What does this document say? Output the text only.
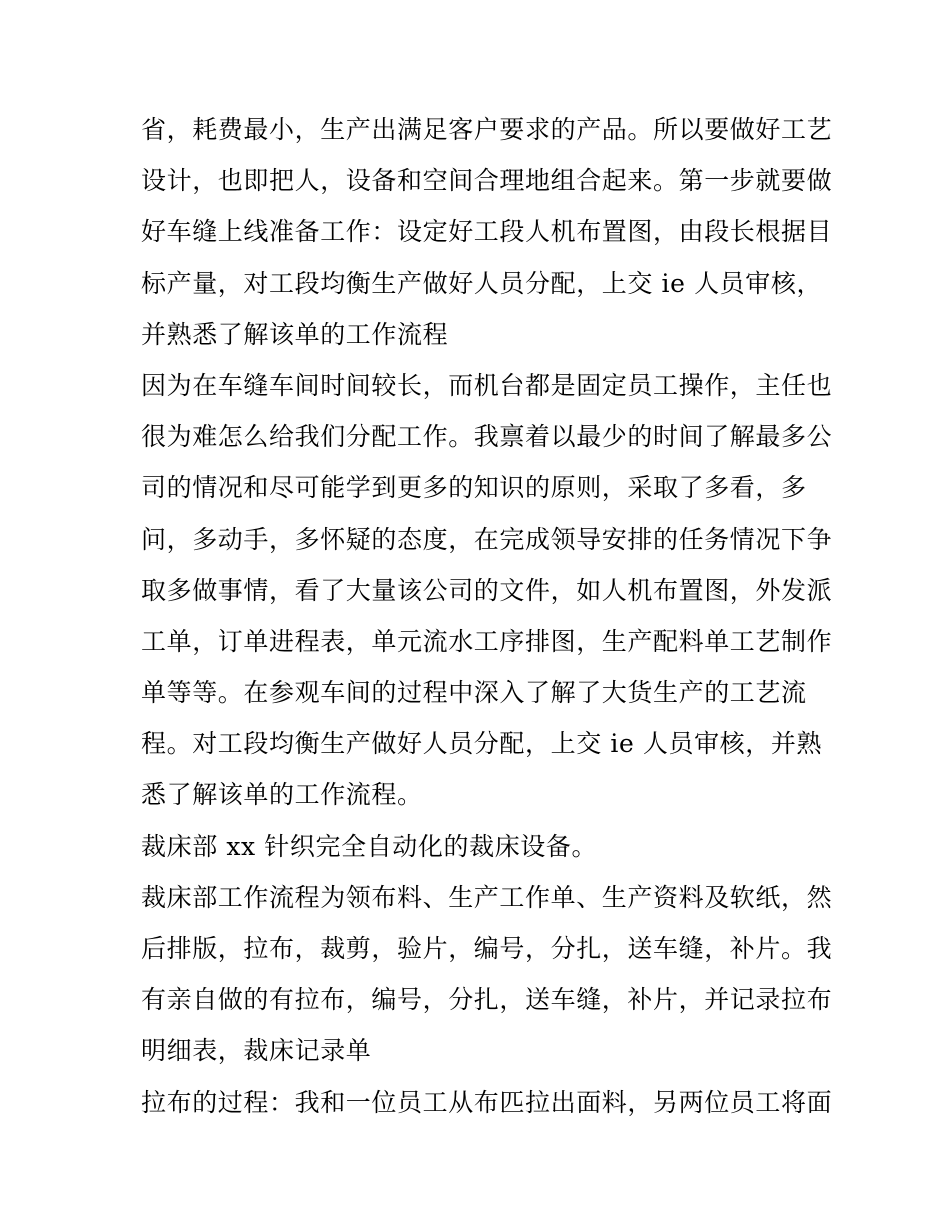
省，耗费最小，生产出满足客户要求的产品。所以要做好工艺
设计，也即把人，设备和空间合理地组合起来。第一步就要做
好车缝上线准备工作：设定好工段人机布置图，由段长根据目
标产量，对工段均衡生产做好人员分配，上交 ie 人员审核，
并熟悉了解该单的工作流程
因为在车缝车间时间较长，而机台都是固定员工操作，主任也
很为难怎么给我们分配工作。我禀着以最少的时间了解最多公
司的情况和尽可能学到更多的知识的原则，采取了多看，多
问，多动手，多怀疑的态度，在完成领导安排的任务情况下争
取多做事情，看了大量该公司的文件，如人机布置图，外发派
工单，订单进程表，单元流水工序排图，生产配料单工艺制作
单等等。在参观车间的过程中深入了解了大货生产的工艺流
程。对工段均衡生产做好人员分配，上交 ie 人员审核，并熟
悉了解该单的工作流程。
裁床部 xx 针织完全自动化的裁床设备。
裁床部工作流程为领布料、生产工作单、生产资料及软纸，然
后排版，拉布，裁剪，验片，编号，分扎，送车缝，补片。我
有亲自做的有拉布，编号，分扎，送车缝，补片，并记录拉布
明细表，裁床记录单
拉布的过程：我和一位员工从布匹拉出面料，另两位员工将面
